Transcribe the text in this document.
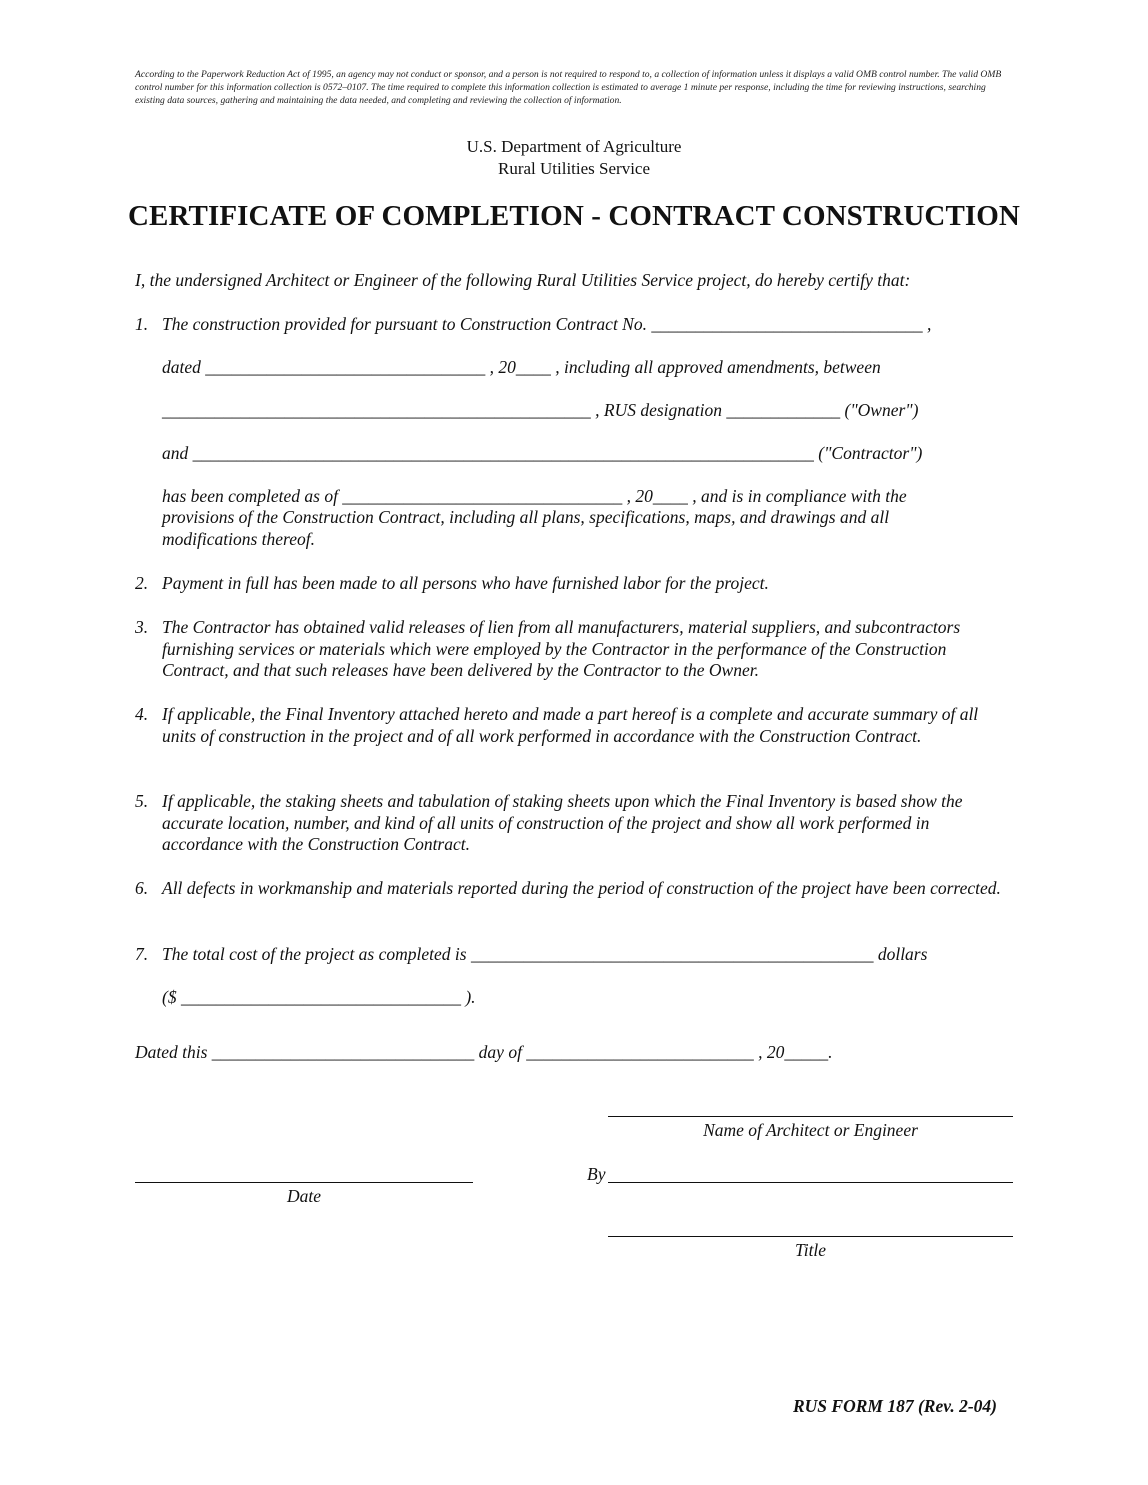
According to the Paperwork Reduction Act of 1995, an agency may not conduct or sponsor, and a person is not required to respond to, a collection of information unless it displays a valid OMB control number. The valid OMB control number for this information collection is 0572–0107. The time required to complete this information collection is estimated to average 1 minute per response, including the time for reviewing instructions, searching existing data sources, gathering and maintaining the data needed, and completing and reviewing the collection of information.
U.S. Department of Agriculture
Rural Utilities Service
CERTIFICATE OF COMPLETION - CONTRACT CONSTRUCTION
I, the undersigned Architect or Engineer of the following Rural Utilities Service project, do hereby certify that:
1. The construction provided for pursuant to Construction Contract No. _______________________________ ,
dated ________________________________ , 20____ , including all approved amendments, between
_________________________________________________ , RUS designation _____________ ("Owner")
and _______________________________________________________________________ ("Contractor")
has been completed as of ________________________________ , 20____ , and is in compliance with the
provisions of the Construction Contract, including all plans, specifications, maps, and drawings and all
modifications thereof.
2. Payment in full has been made to all persons who have furnished labor for the project.
3. The Contractor has obtained valid releases of lien from all manufacturers, material suppliers, and subcontractors furnishing services or materials which were employed by the Contractor in the performance of the Construction Contract, and that such releases have been delivered by the Contractor to the Owner.
4. If applicable, the Final Inventory attached hereto and made a part hereof is a complete and accurate summary of all units of construction in the project and of all work performed in accordance with the Construction Contract.
5. If applicable, the staking sheets and tabulation of staking sheets upon which the Final Inventory is based show the accurate location, number, and kind of all units of construction of the project and show all work performed in accordance with the Construction Contract.
6. All defects in workmanship and materials reported during the period of construction of the project have been corrected.
7. The total cost of the project as completed is ______________________________________________ dollars
($ ________________________________ ).
Dated this ______________________________ day of __________________________ , 20_____.
Name of Architect or Engineer
Date
By
Title
RUS FORM 187 (Rev. 2-04)
